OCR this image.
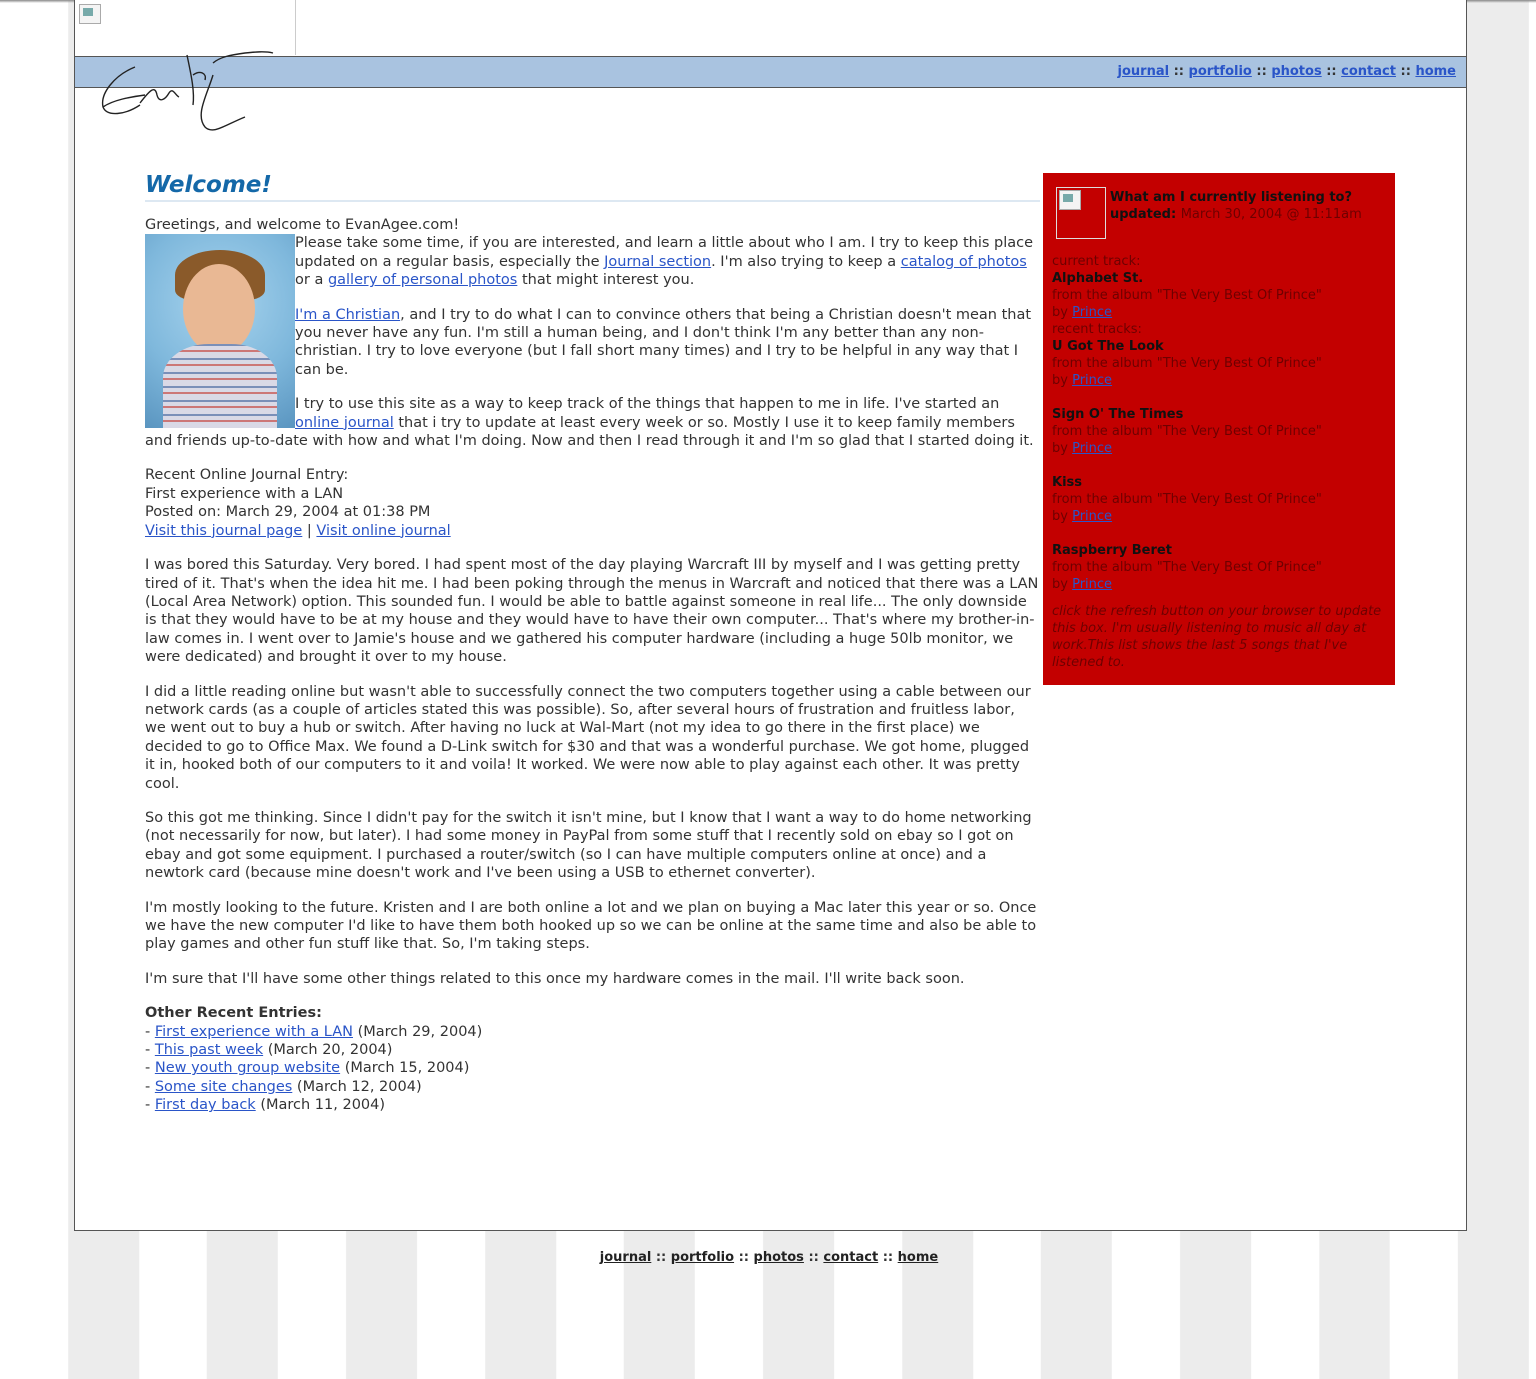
journal :: portfolio :: photos :: contact :: home
Welcome!
Greetings, and welcome to EvanAgee.com!

Please take some time, if you are interested, and learn a little about who I am. I try to keep this place updated on a regular basis, especially the Journal section. I'm also trying to keep a catalog of photos or a gallery of personal photos that might interest you.

I'm a Christian, and I try to do what I can to convince others that being a Christian doesn't mean that you never have any fun. I'm still a human being, and I don't think I'm any better than any non-christian. I try to love everyone (but I fall short many times) and I try to be helpful in any way that I can be.

I try to use this site as a way to keep track of the things that happen to me in life. I've started an online journal that i try to update at least every week or so. Mostly I use it to keep family members and friends up-to-date with how and what I'm doing. Now and then I read through it and I'm so glad that I started doing it.

Recent Online Journal Entry:
First experience with a LAN
Posted on: March 29, 2004 at 01:38 PM
Visit this journal page | Visit online journal

I was bored this Saturday. Very bored. I had spent most of the day playing Warcraft III by myself and I was getting pretty tired of it. That's when the idea hit me. I had been poking through the menus in Warcraft and noticed that there was a LAN (Local Area Network) option. This sounded fun. I would be able to battle against someone in real life... The only downside is that they would have to be at my house and they would have to have their own computer... That's where my brother-in-law comes in. I went over to Jamie's house and we gathered his computer hardware (including a huge 50lb monitor, we were dedicated) and brought it over to my house.

I did a little reading online but wasn't able to successfully connect the two computers together using a cable between our network cards (as a couple of articles stated this was possible). So, after several hours of frustration and fruitless labor, we went out to buy a hub or switch. After having no luck at Wal-Mart (not my idea to go there in the first place) we decided to go to Office Max. We found a D-Link switch for $30 and that was a wonderful purchase. We got home, plugged it in, hooked both of our computers to it and voila! It worked. We were now able to play against each other. It was pretty cool.

So this got me thinking. Since I didn't pay for the switch it isn't mine, but I know that I want a way to do home networking (not necessarily for now, but later). I had some money in PayPal from some stuff that I recently sold on ebay so I got on ebay and got some equipment. I purchased a router/switch (so I can have multiple computers online at once) and a newtork card (because mine doesn't work and I've been using a USB to ethernet converter).

I'm mostly looking to the future. Kristen and I are both online a lot and we plan on buying a Mac later this year or so. Once we have the new computer I'd like to have them both hooked up so we can be online at the same time and also be able to play games and other fun stuff like that. So, I'm taking steps.

I'm sure that I'll have some other things related to this once my hardware comes in the mail. I'll write back soon.

Other Recent Entries:
- First experience with a LAN (March 29, 2004)
- This past week (March 20, 2004)
- New youth group website (March 15, 2004)
- Some site changes (March 12, 2004)
- First day back (March 11, 2004)
What am I currently listening to?
updated: March 30, 2004 @ 11:11am
current track:
Alphabet St.
from the album "The Very Best Of Prince"
by Prince
recent tracks:
U Got The Look
from the album "The Very Best Of Prince"
by Prince
Sign O' The Times
from the album "The Very Best Of Prince"
by Prince
Kiss
from the album "The Very Best Of Prince"
by Prince
Raspberry Beret
from the album "The Very Best Of Prince"
by Prince
click the refresh button on your browser to update this box. I'm usually listening to music all day at work.This list shows the last 5 songs that I've listened to.
journal :: portfolio :: photos :: contact :: home
